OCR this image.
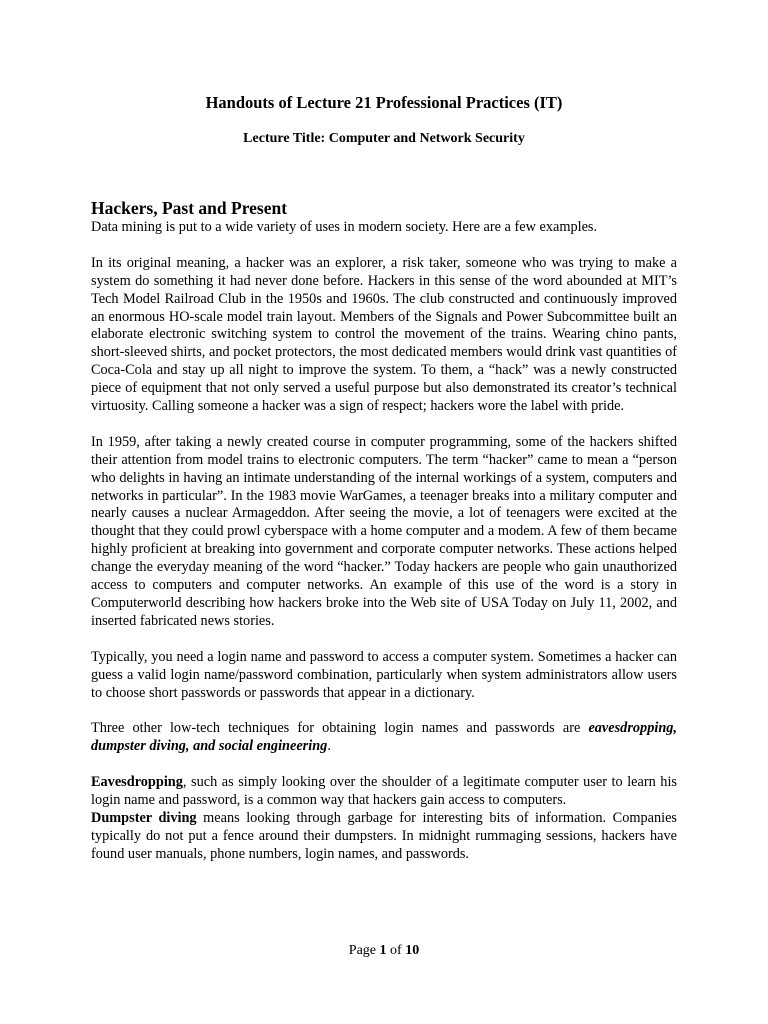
Handouts of Lecture 21 Professional Practices (IT)
Lecture Title: Computer and Network Security
Hackers, Past and Present

Data mining is put to a wide variety of uses in modern society. Here are a few examples.

In its original meaning, a hacker was an explorer, a risk taker, someone who was trying to make a system do something it had never done before. Hackers in this sense of the word abounded at MIT’s Tech Model Railroad Club in the 1950s and 1960s. The club constructed and continuously improved an enormous HO-scale model train layout. Members of the Signals and Power Subcommittee built an elaborate electronic switching system to control the movement of the trains. Wearing chino pants, short-sleeved shirts, and pocket protectors, the most dedicated members would drink vast quantities of Coca-Cola and stay up all night to improve the system. To them, a “hack” was a newly constructed piece of equipment that not only served a useful purpose but also demonstrated its creator’s technical virtuosity. Calling someone a hacker was a sign of respect; hackers wore the label with pride.

In 1959, after taking a newly created course in computer programming, some of the hackers shifted their attention from model trains to electronic computers. The term “hacker” came to mean a “person who delights in having an intimate understanding of the internal workings of a system, computers and networks in particular”. In the 1983 movie WarGames, a teenager breaks into a military computer and nearly causes a nuclear Armageddon. After seeing the movie, a lot of teenagers were excited at the thought that they could prowl cyberspace with a home computer and a modem. A few of them became highly proficient at breaking into government and corporate computer networks. These actions helped change the everyday meaning of the word “hacker.” Today hackers are people who gain unauthorized access to computers and computer networks. An example of this use of the word is a story in Computerworld describing how hackers broke into the Web site of USA Today on July 11, 2002, and inserted fabricated news stories.

Typically, you need a login name and password to access a computer system. Sometimes a hacker can guess a valid login name/password combination, particularly when system administrators allow users to choose short passwords or passwords that appear in a dictionary.

Three other low-tech techniques for obtaining login names and passwords are eavesdropping, dumpster diving, and social engineering.

Eavesdropping, such as simply looking over the shoulder of a legitimate computer user to learn his login name and password, is a common way that hackers gain access to computers.

Dumpster diving means looking through garbage for interesting bits of information. Companies typically do not put a fence around their dumpsters. In midnight rummaging sessions, hackers have found user manuals, phone numbers, login names, and passwords.

Page 1 of 10
